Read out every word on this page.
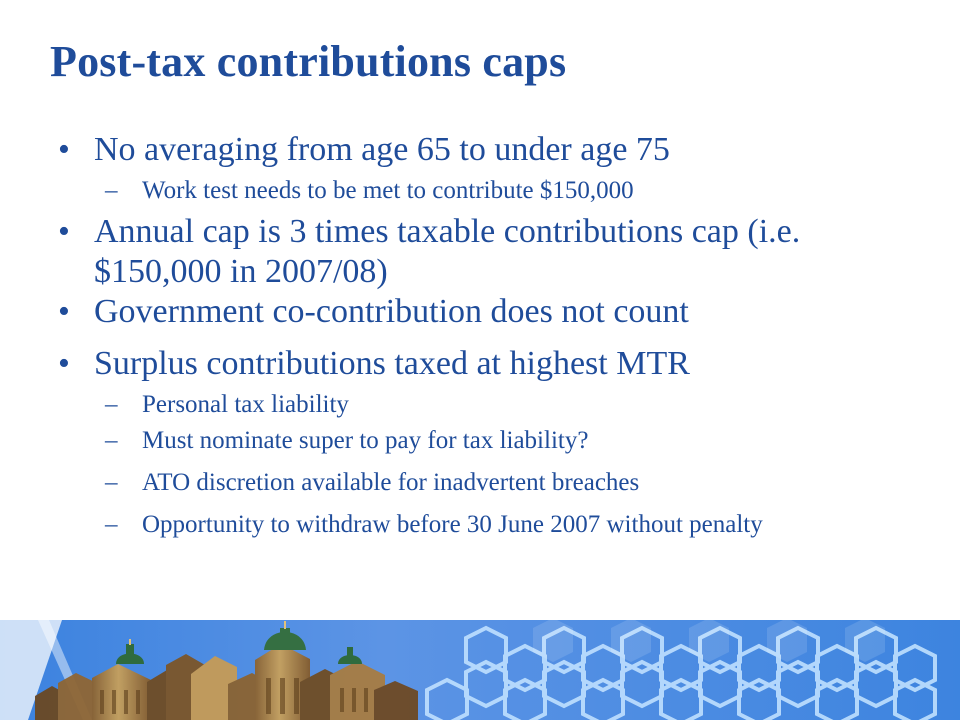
Post-tax contributions caps
• No averaging from age 65 to under age 75
– Work test needs to be met to contribute $150,000
• Annual cap is 3 times taxable contributions cap (i.e. $150,000 in 2007/08)
• Government co-contribution does not count
• Surplus contributions taxed at highest MTR
– Personal tax liability
– Must nominate super to pay for tax liability?
– ATO discretion available for inadvertent breaches
– Opportunity to withdraw before 30 June 2007 without penalty
